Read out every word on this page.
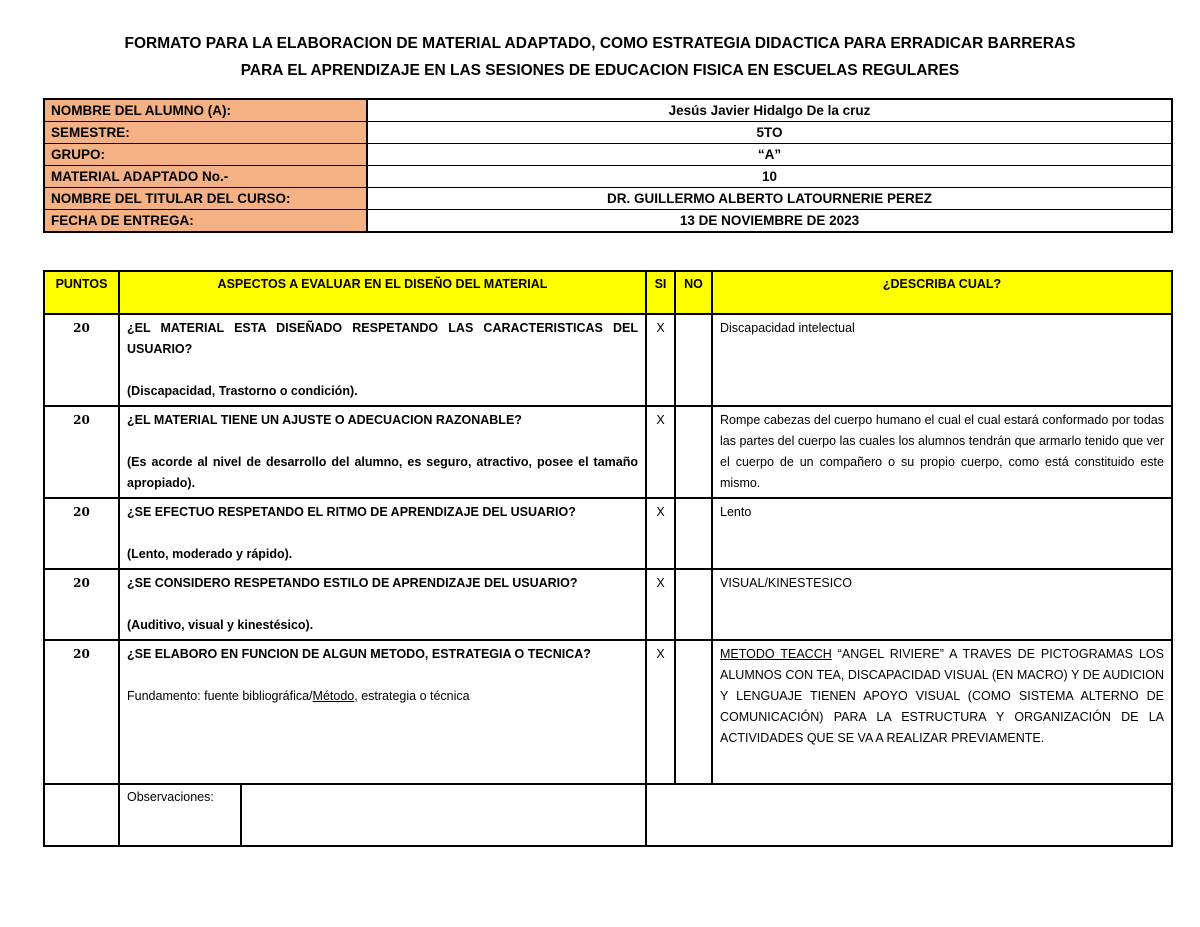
FORMATO PARA LA ELABORACION DE MATERIAL ADAPTADO, COMO ESTRATEGIA DIDACTICA PARA ERRADICAR BARRERAS
PARA EL APRENDIZAJE EN LAS SESIONES DE EDUCACION FISICA EN ESCUELAS REGULARES
NOMBRE DEL ALUMNO (A):	Jesús Javier Hidalgo De la cruz
SEMESTRE:	5TO
GRUPO:	“A”
MATERIAL ADAPTADO No.-	10
NOMBRE DEL TITULAR DEL CURSO:	DR. GUILLERMO ALBERTO LATOURNERIE PEREZ
FECHA DE ENTREGA:	13 DE NOVIEMBRE DE 2023
PUNTOS	ASPECTOS A EVALUAR EN EL DISEÑO DEL MATERIAL	SI	NO	¿DESCRIBA CUAL?
20	¿EL MATERIAL ESTA DISEÑADO RESPETANDO LAS CARACTERISTICAS DEL USUARIO?
(Discapacidad, Trastorno o condición).	X		Discapacidad intelectual
20	¿EL MATERIAL TIENE UN AJUSTE O ADECUACION RAZONABLE?
(Es acorde al nivel de desarrollo del alumno, es seguro, atractivo, posee el tamaño apropiado).	X		Rompe cabezas del cuerpo humano el cual el cual estará conformado por todas las partes del cuerpo las cuales los alumnos tendrán que armarlo tenido que ver el cuerpo de un compañero o su propio cuerpo, como está constituido este mismo.
20	¿SE EFECTUO RESPETANDO EL RITMO DE APRENDIZAJE DEL USUARIO?
(Lento, moderado y rápido).	X		Lento
20	¿SE CONSIDERO RESPETANDO ESTILO DE APRENDIZAJE DEL USUARIO?
(Auditivo, visual y kinestésico).	X		VISUAL/KINESTESICO
20	¿SE ELABORO EN FUNCION DE ALGUN METODO, ESTRATEGIA O TECNICA?
Fundamento: fuente bibliográfica/Método, estrategia o técnica	X		METODO TEACCH “ANGEL RIVIERE” A TRAVES DE PICTOGRAMAS LOS ALUMNOS CON TEA, DISCAPACIDAD VISUAL (EN MACRO) Y DE AUDICION Y LENGUAJE TIENEN APOYO VISUAL (COMO SISTEMA ALTERNO DE COMUNICACIÓN) PARA LA ESTRUCTURA Y ORGANIZACIÓN DE LA ACTIVIDADES QUE SE VA A REALIZAR PREVIAMENTE.

	Observaciones:			
